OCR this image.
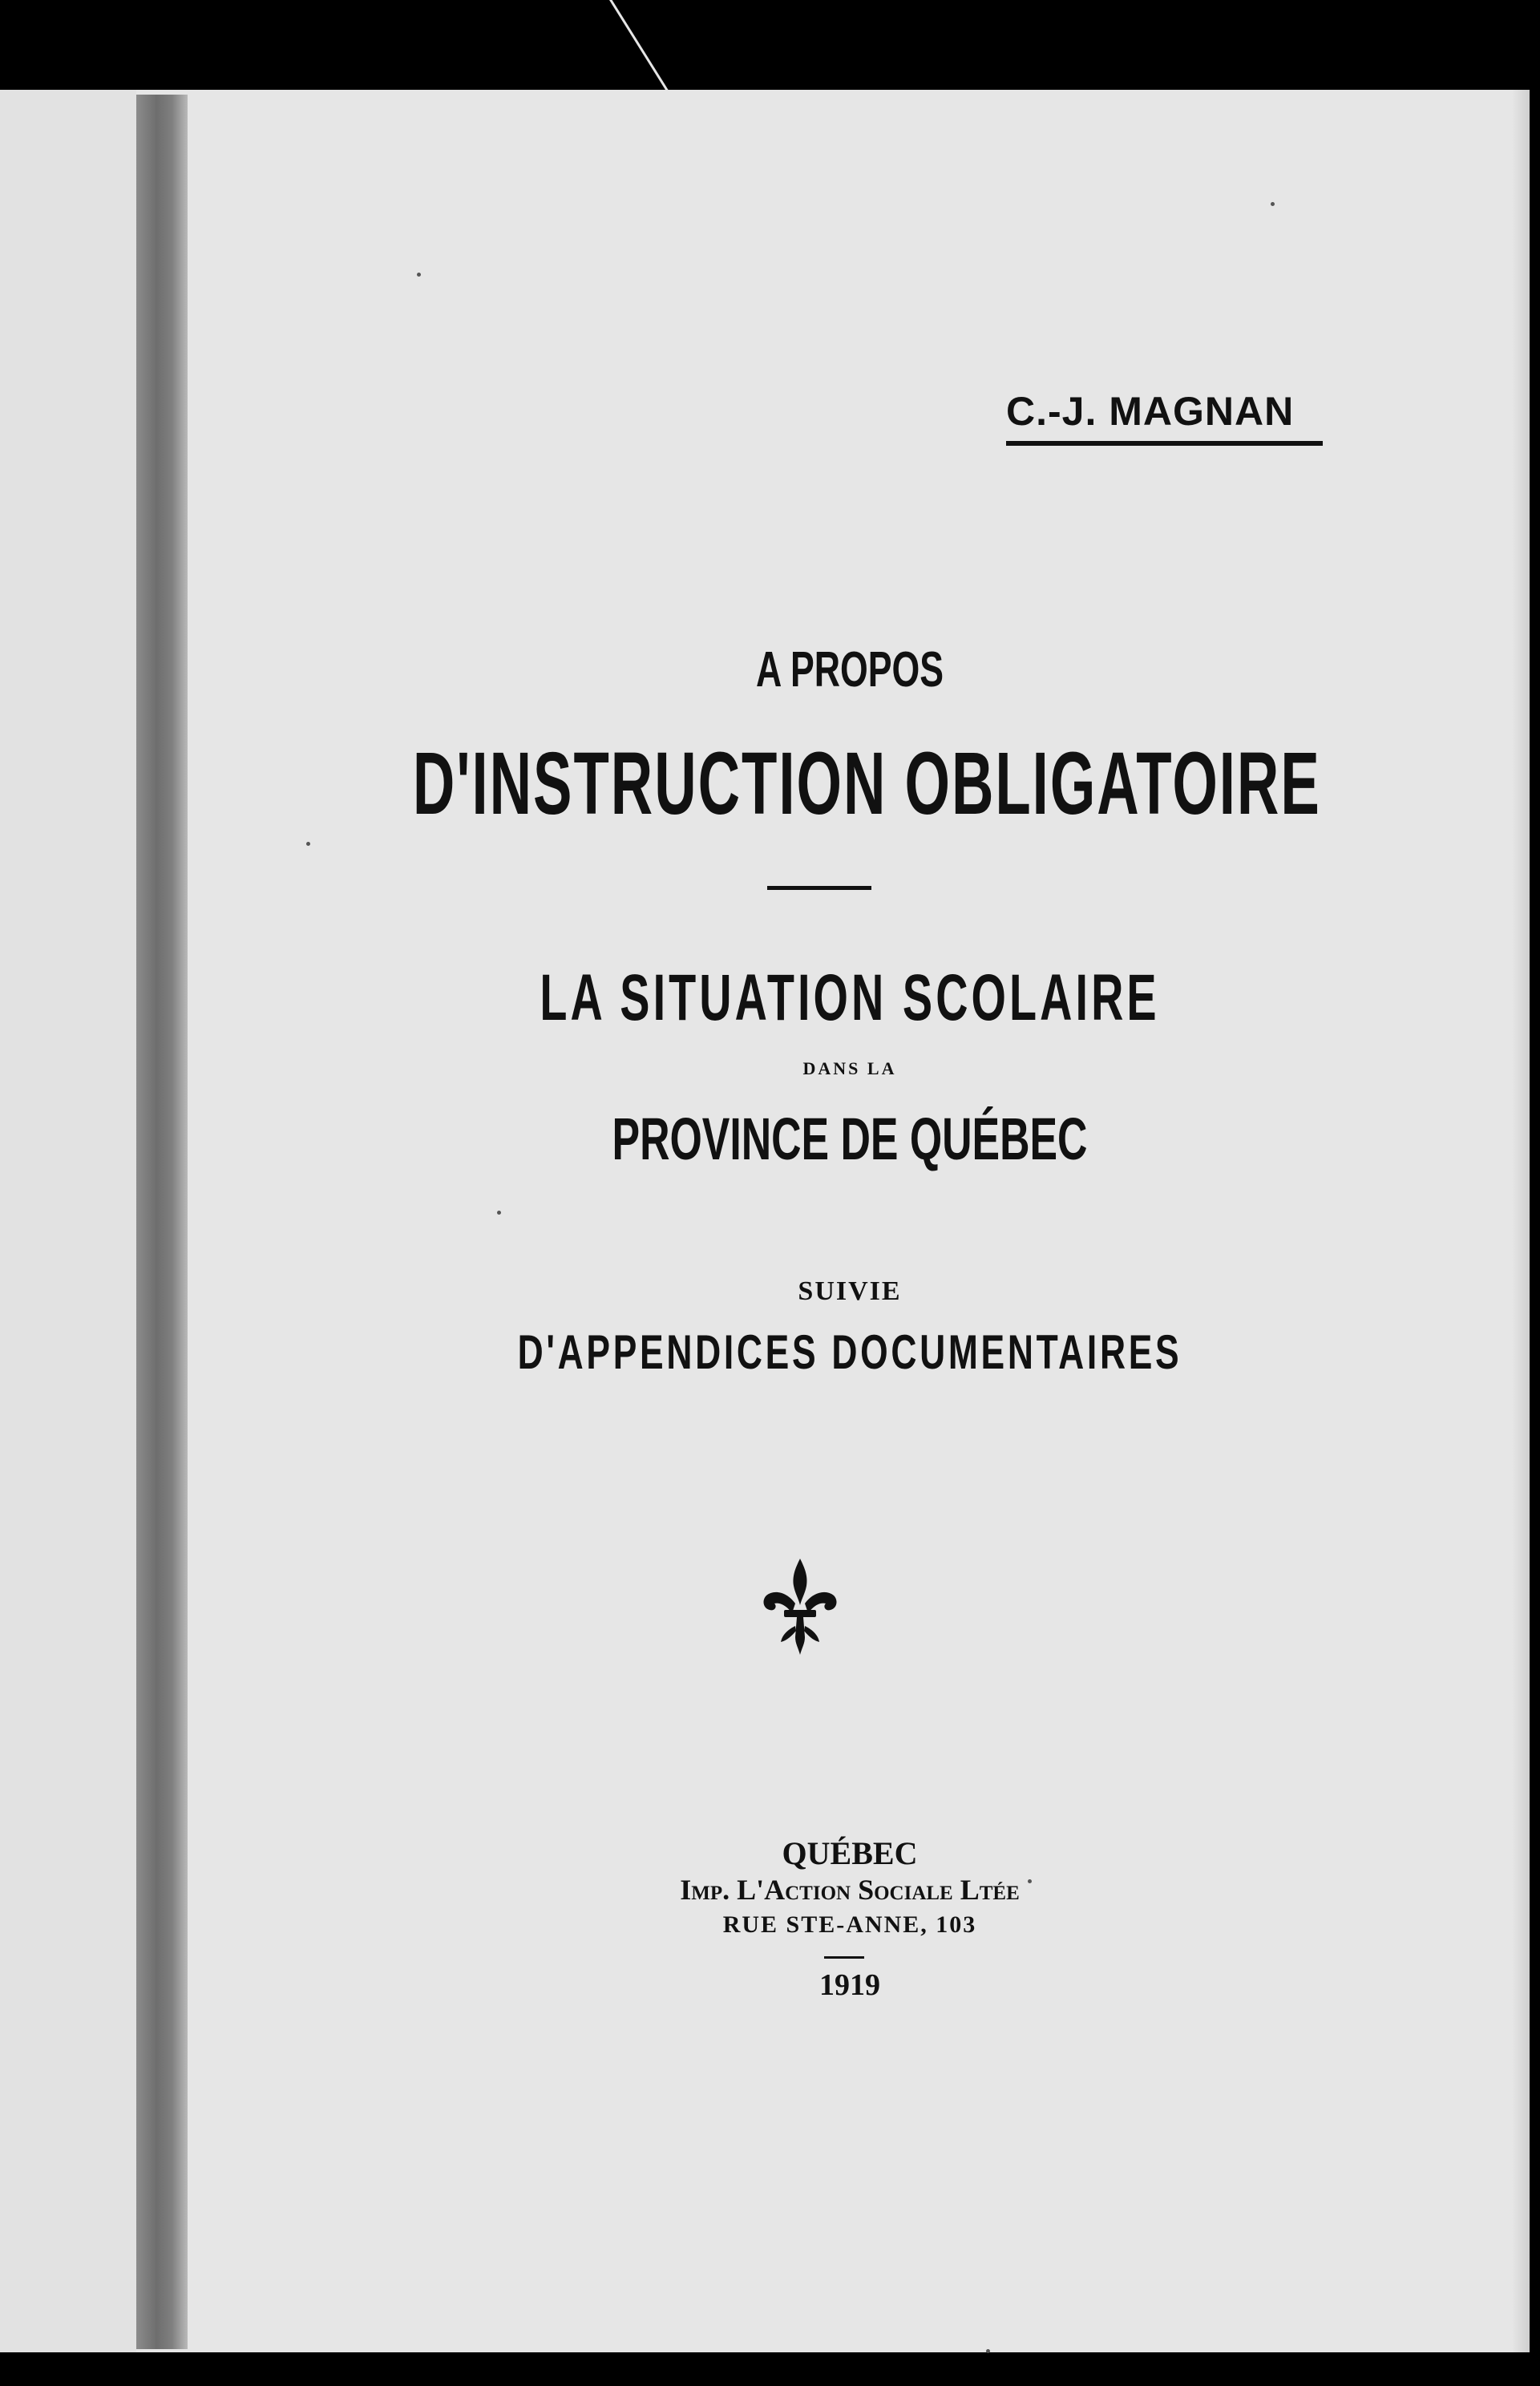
C.-J. MAGNAN
A PROPOS
D'INSTRUCTION OBLIGATOIRE
LA SITUATION SCOLAIRE
DANS LA
PROVINCE DE QUÉBEC
SUIVIE
D'APPENDICES DOCUMENTAIRES
QUÉBEC
Imp. L'Action Sociale Ltée
RUE STE-ANNE, 103
1919
